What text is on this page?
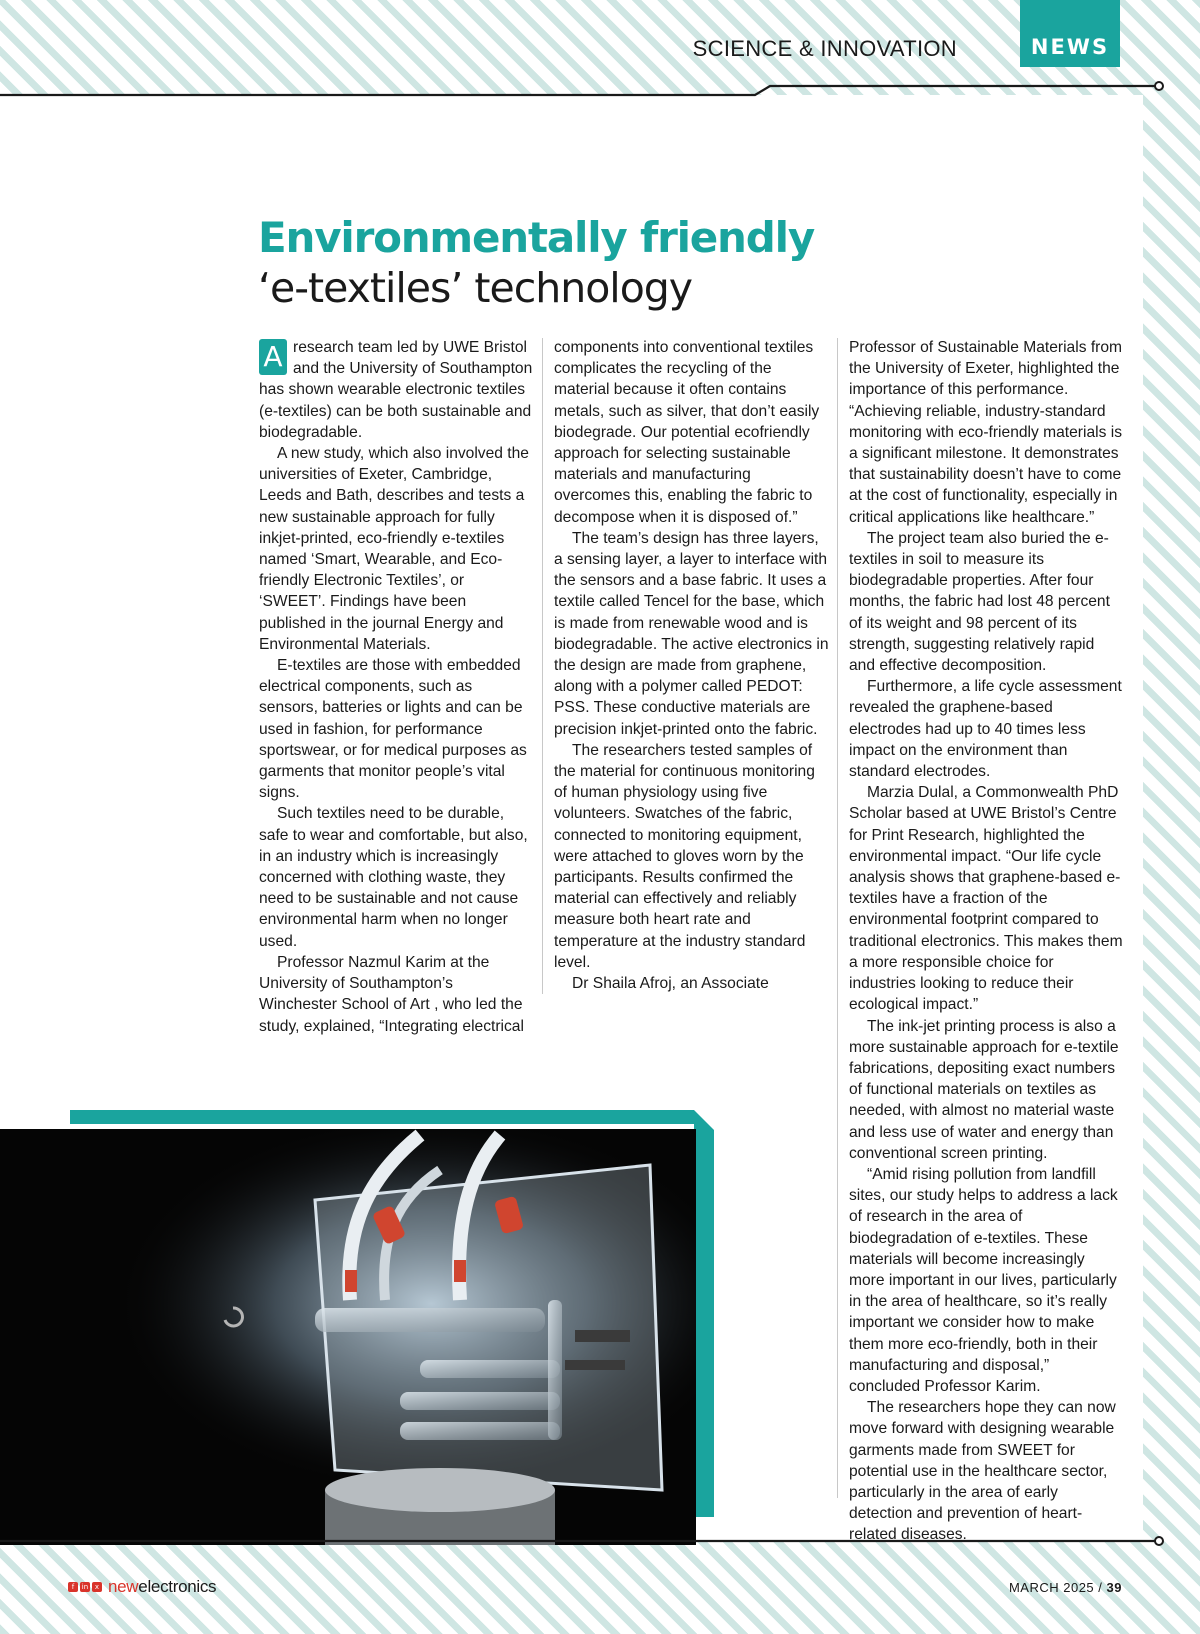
SCIENCE & INNOVATION	NEWS
Environmentally friendly
‘e-textiles’ technology

A research team led by UWE Bristol and the University of Southampton has shown wearable electronic textiles (e-textiles) can be both sustainable and biodegradable.

A new study, which also involved the universities of Exeter, Cambridge, Leeds and Bath, describes and tests a new sustainable approach for fully inkjet-printed, eco-friendly e-textiles named ‘Smart, Wearable, and Eco-friendly Electronic Textiles’, or ‘SWEET’. Findings have been published in the journal Energy and Environmental Materials.

E-textiles are those with embedded electrical components, such as sensors, batteries or lights and can be used in fashion, for performance sportswear, or for medical purposes as garments that monitor people’s vital signs.

Such textiles need to be durable, safe to wear and comfortable, but also, in an industry which is increasingly concerned with clothing waste, they need to be sustainable and not cause environmental harm when no longer used.

Professor Nazmul Karim at the University of Southampton’s Winchester School of Art , who led the study, explained, “Integrating electrical

components into conventional textiles complicates the recycling of the material because it often contains metals, such as silver, that don’t easily biodegrade. Our potential ecofriendly approach for selecting sustainable materials and manufacturing overcomes this, enabling the fabric to decompose when it is disposed of.”

The team’s design has three layers, a sensing layer, a layer to interface with the sensors and a base fabric. It uses a textile called Tencel for the base, which is made from renewable wood and is biodegradable. The active electronics in the design are made from graphene, along with a polymer called PEDOT: PSS. These conductive materials are precision inkjet-printed onto the fabric.

The researchers tested samples of the material for continuous monitoring of human physiology using five volunteers. Swatches of the fabric, connected to monitoring equipment, were attached to gloves worn by the participants. Results confirmed the material can effectively and reliably measure both heart rate and temperature at the industry standard level.

Dr Shaila Afroj, an Associate

Professor of Sustainable Materials from the University of Exeter, highlighted the importance of this performance. “Achieving reliable, industry-standard monitoring with eco-friendly materials is a significant milestone. It demonstrates that sustainability doesn’t have to come at the cost of functionality, especially in critical applications like healthcare.”

The project team also buried the e-textiles in soil to measure its biodegradable properties. After four months, the fabric had lost 48 percent of its weight and 98 percent of its strength, suggesting relatively rapid and effective decomposition.

Furthermore, a life cycle assessment revealed the graphene-based electrodes had up to 40 times less impact on the environment than standard electrodes.

Marzia Dulal, a Commonwealth PhD Scholar based at UWE Bristol’s Centre for Print Research, highlighted the environmental impact. “Our life cycle analysis shows that graphene-based e-textiles have a fraction of the environmental footprint compared to traditional electronics. This makes them a more responsible choice for industries looking to reduce their ecological impact.”

The ink-jet printing process is also a more sustainable approach for e-textile fabrications, depositing exact numbers of functional materials on textiles as needed, with almost no material waste and less use of water and energy than conventional screen printing.

“Amid rising pollution from landfill sites, our study helps to address a lack of research in the area of biodegradation of e-textiles. These materials will become increasingly more important in our lives, particularly in the area of healthcare, so it’s really important we consider how to make them more eco-friendly, both in their manufacturing and disposal,” concluded Professor Karim.

The researchers hope they can now move forward with designing wearable garments made from SWEET for potential use in the healthcare sector, particularly in the area of early detection and prevention of heart-related diseases.

f	in x newelectronics	MARCH 2025 / 39
